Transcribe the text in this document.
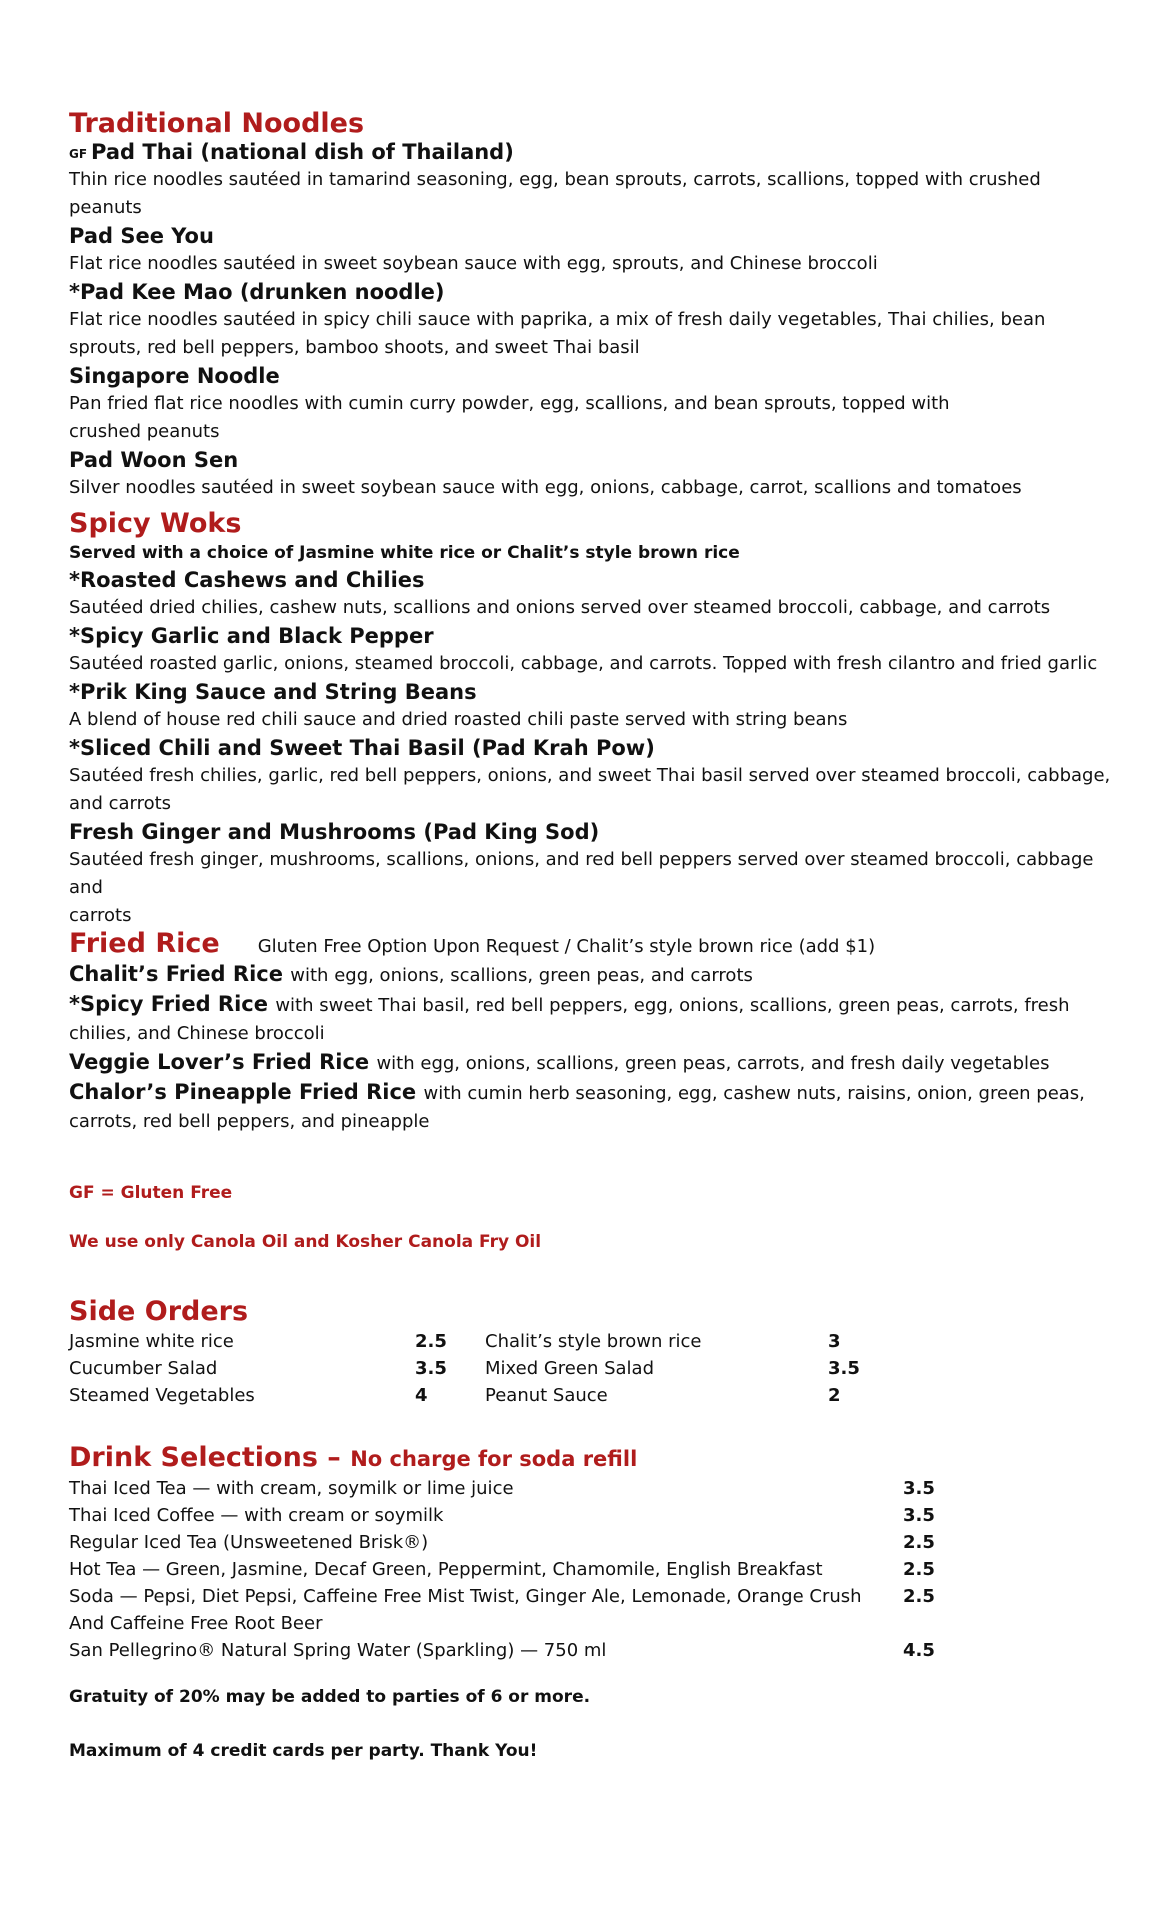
Traditional Noodles

$^{GF}$ Pad Thai (national dish of Thailand)

Thin rice noodles sautéed in tamarind seasoning, egg, bean sprouts, carrots, scallions, topped with crushed peanuts

Pad See You

Flat rice noodles sautéed in sweet soybean sauce with egg, sprouts, and Chinese broccoli

*Pad Kee Mao (drunken noodle)

Flat rice noodles sautéed in spicy chili sauce with paprika, a mix of fresh daily vegetables, Thai chilies, bean

sprouts, red bell peppers, bamboo shoots, and sweet Thai basil

Singapore Noodle

Pan fried flat rice noodles with cumin curry powder, egg, scallions, and bean sprouts, topped with

crushed peanuts

Pad Woon Sen

Silver noodles sautéed in sweet soybean sauce with egg, onions, cabbage, carrot, scallions and tomatoes

Spicy Woks

Served with a choice of Jasmine white rice or Chalit’s style brown rice

*Roasted Cashews and Chilies

Sautéed dried chilies, cashew nuts, scallions and onions served over steamed broccoli, cabbage, and carrots

*Spicy Garlic and Black Pepper

Sautéed roasted garlic, onions, steamed broccoli, cabbage, and carrots. Topped with fresh cilantro and fried garlic

*Prik King Sauce and String Beans

A blend of house red chili sauce and dried roasted chili paste served with string beans

*Sliced Chili and Sweet Thai Basil (Pad Krah Pow)

Sautéed fresh chilies, garlic, red bell peppers, onions, and sweet Thai basil served over steamed broccoli, cabbage,

and carrots

Fresh Ginger and Mushrooms (Pad King Sod)

Sautéed fresh ginger, mushrooms, scallions, onions, and red bell peppers served over steamed broccoli, cabbage and

carrots

Fried Rice Gluten Free Option Upon Request / Chalit’s style brown rice (add $1)

Chalit’s Fried Rice with egg, onions, scallions, green peas, and carrots

*Spicy Fried Rice with sweet Thai basil, red bell peppers, egg, onions, scallions, green peas, carrots, fresh

chilies, and Chinese broccoli

Veggie Lover’s Fried Rice with egg, onions, scallions, green peas, carrots, and fresh daily vegetables

Chalor’s Pineapple Fried Rice with cumin herb seasoning, egg, cashew nuts, raisins, onion, green peas,

carrots, red bell peppers, and pineapple

GF = Gluten Free

We use only Canola Oil and Kosher Canola Fry Oil

Side Orders
Jasmine white rice	2.5 Chalit’s style brown rice	3
Cucumber Salad	3.5 Mixed Green Salad	3.5
Steamed Vegetables	4	Peanut Sauce	2
Drink Selections – No charge for soda refill
Thai Iced Tea — with cream, soymilk or lime juice	3.5
Thai Iced Coffee — with cream or soymilk	3.5
Regular Iced Tea (Unsweetened Brisk®)	2.5
Hot Tea — Green, Jasmine, Decaf Green, Peppermint, Chamomile, English Breakfast	2.5
Soda — Pepsi, Diet Pepsi, Caffeine Free Mist Twist, Ginger Ale, Lemonade, Orange Crush 2.5
And Caffeine Free Root Beer
San Pellegrino® Natural Spring Water (Sparkling) — 750 ml	4.5

Gratuity of 20% may be added to parties of 6 or more.

Maximum of 4 credit cards per party. Thank You!
